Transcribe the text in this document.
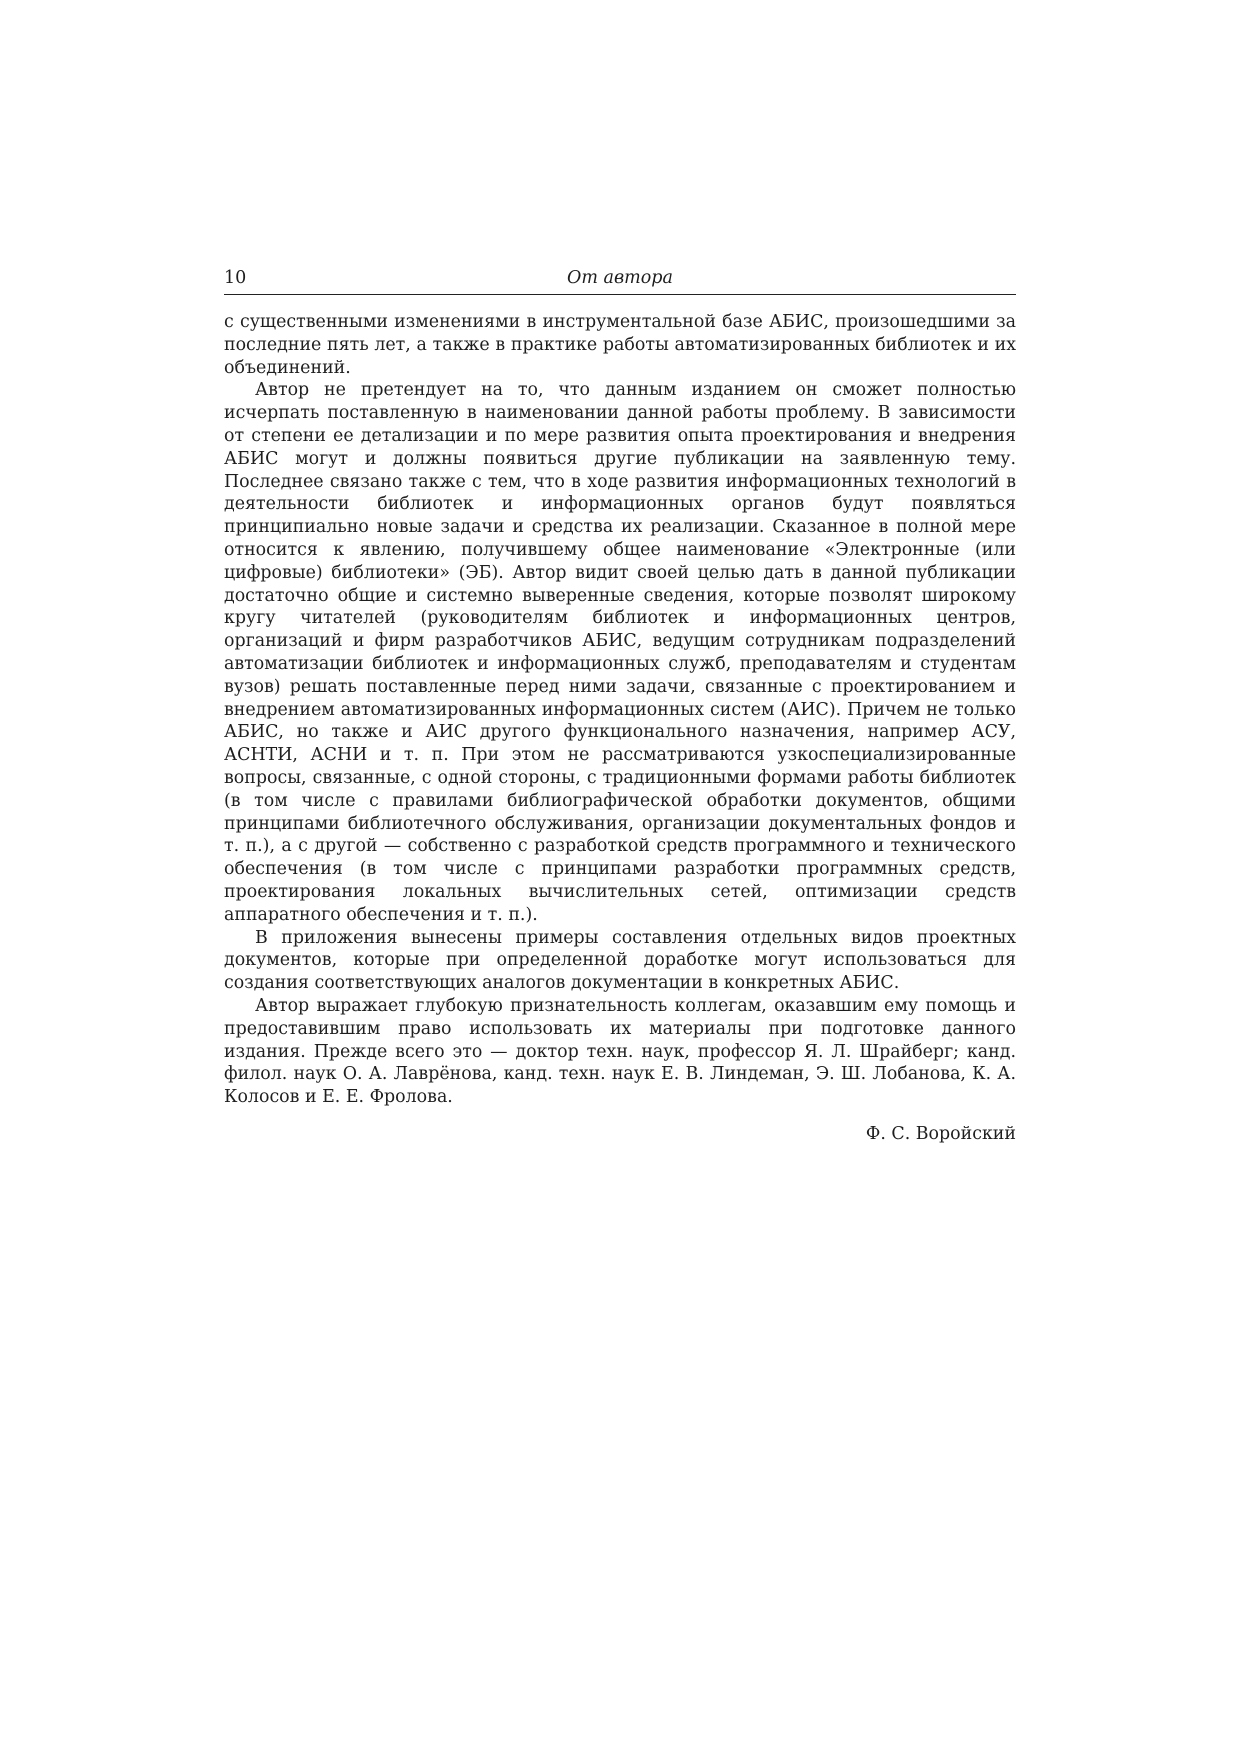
10	От автора

с существенными изменениями в инструментальной базе АБИС, произошедшими за последние пять лет, а также в практике работы автоматизированных библиотек и их объединений.

Автор не претендует на то, что данным изданием он сможет полностью исчерпать поставленную в наименовании данной работы проблему. В зависимости от степени ее детализации и по мере развития опыта проектирования и внедрения АБИС могут и должны появиться другие публикации на заявленную тему. Последнее связано также с тем, что в ходе развития информационных технологий в деятельности библиотек и информационных органов будут появляться принципиально новые задачи и средства их реализации. Сказанное в полной мере относится к явлению, получившему общее наименование «Электронные (или цифровые) библиотеки» (ЭБ). Автор видит своей целью дать в данной публикации достаточно общие и системно выверенные сведения, которые позволят широкому кругу читателей (руководителям библиотек и информационных центров, организаций и фирм разработчиков АБИС, ведущим сотрудникам подразделений автоматизации библиотек и информационных служб, преподавателям и студентам вузов) решать поставленные перед ними задачи, связанные с проектированием и внедрением автоматизированных информационных систем (АИС). Причем не только АБИС, но также и АИС другого функционального назначения, например АСУ, АСНТИ, АСНИ и т. п. При этом не рассматриваются узкоспециализированные вопросы, связанные, с одной стороны, с традиционными формами работы библиотек (в том числе с правилами библиографической обработки документов, общими принципами библиотечного обслуживания, организации документальных фондов и т. п.), а с другой — собственно с разработкой средств программного и технического обеспечения (в том числе с принципами разработки программных средств, проектирования локальных вычислительных сетей, оптимизации средств аппаратного обеспечения и т. п.).

В приложения вынесены примеры составления отдельных видов проектных документов, которые при определенной доработке могут использоваться для создания соответствующих аналогов документации в конкретных АБИС.

Автор выражает глубокую признательность коллегам, оказавшим ему помощь и предоставившим право использовать их материалы при подготовке данного издания. Прежде всего это — доктор техн. наук, профессор Я. Л. Шрайберг; канд. филол. наук О. А. Лаврёнова, канд. техн. наук Е. В. Линдеман, Э. Ш. Лобанова, К. А. Колосов и Е. Е. Фролова.

Ф. С. Воройский
